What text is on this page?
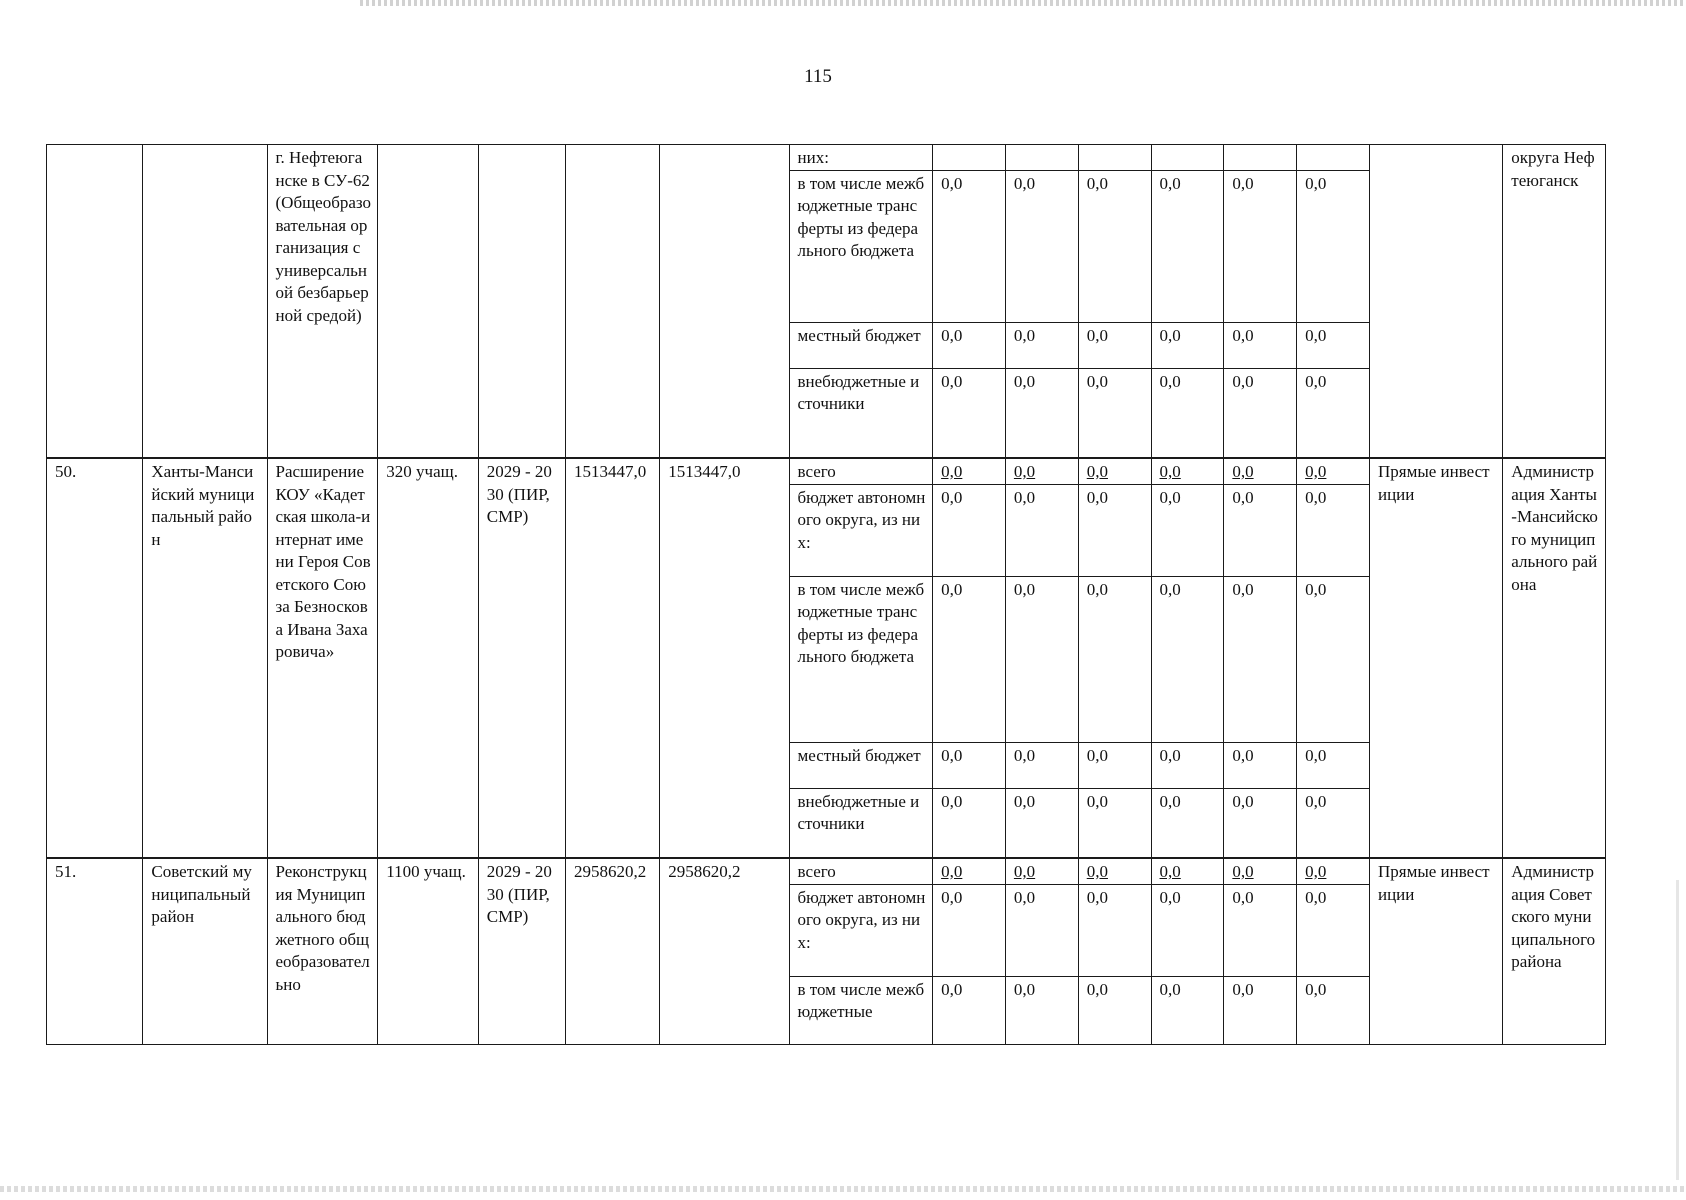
115
		г. Нефтеюганске в СУ-62 (Общеобразовательная организация с универсальной безбарьерной средой)					них:								округа Нефтеюганск
							в том числе межбюджетные трансферты из федерального бюджета	0,0	0,0	0,0	0,0	0,0	0,0		
							местный бюджет	0,0	0,0	0,0	0,0	0,0	0,0		
							внебюджетные источники	0,0	0,0	0,0	0,0	0,0	0,0		
50.	Ханты-Мансийский муниципальный район	Расширение КОУ «Кадетская школа-интернат имени Героя Советского Союза Безноскова Ивана Захаровича»	320 учащ.	2029 - 2030 (ПИР, СМР)	1513447,0	1513447,0	всего	0,0	0,0	0,0	0,0	0,0	0,0	Прямые инвестиции	Администрация Ханты-Мансийского муниципального района
							бюджет автономного округа, из них:	0,0	0,0	0,0	0,0	0,0	0,0		
							в том числе межбюджетные трансферты из федерального бюджета	0,0	0,0	0,0	0,0	0,0	0,0		
							местный бюджет	0,0	0,0	0,0	0,0	0,0	0,0		
							внебюджетные источники	0,0	0,0	0,0	0,0	0,0	0,0		
51.	Советский муниципальный район	Реконструкция Муниципального бюджетного общеобразовательно	1100 учащ.	2029 - 2030 (ПИР, СМР)	2958620,2	2958620,2	всего	0,0	0,0	0,0	0,0	0,0	0,0	Прямые инвестиции	Администрация Советского муниципального района
							бюджет автономного округа, из них:	0,0	0,0	0,0	0,0	0,0	0,0		
							в том числе межбюджетные	0,0	0,0	0,0	0,0	0,0	0,0		
